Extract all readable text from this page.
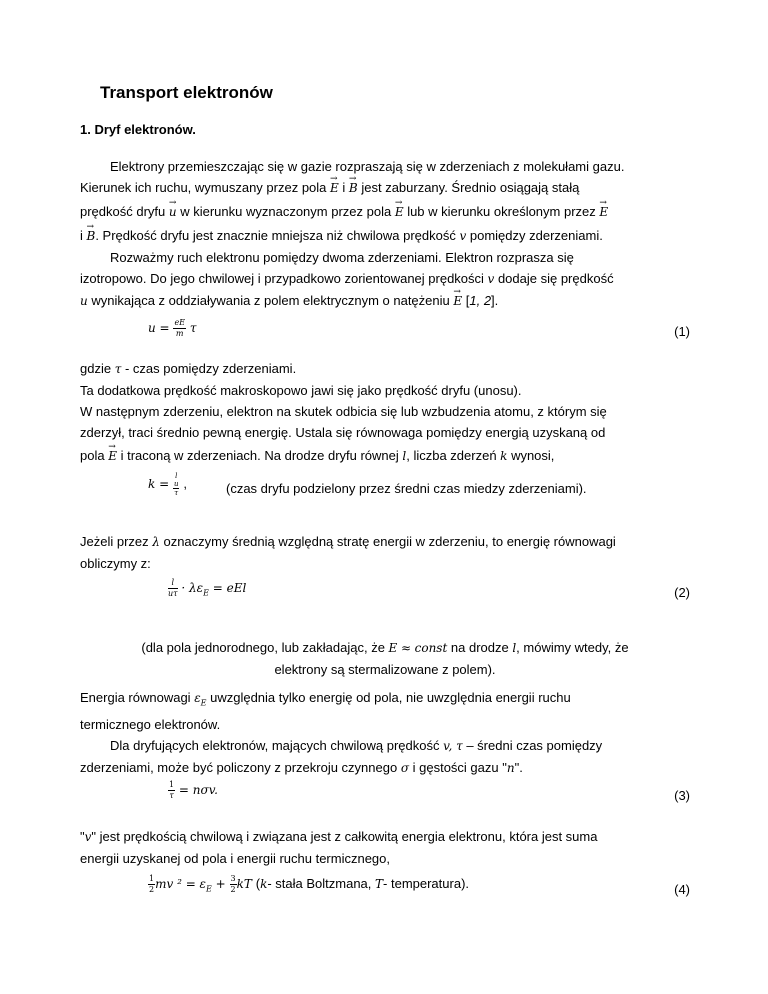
Transport elektronów
1. Dryf elektronów.
Elektrony przemieszczając się w gazie rozpraszają się w zderzeniach z molekułami gazu.
Kierunek ich ruchu, wymuszany przez pola → E i → B jest zaburzany. Średnio osiągają stałą
prędkość dryfu → u w kierunku wyznaczonym przez pola → E lub w kierunku określonym przez → E
i → B. Prędkość dryfu jest znacznie mniejsza niż chwilowa prędkość v pomiędzy zderzeniami.
Rozważmy ruch elektronu pomiędzy dwoma zderzeniami. Elektron rozprasza się
izotropowo. Do jego chwilowej i przypadkowo zorientowanej prędkości v dodaje się prędkość
u wynikająca z oddziaływania z polem elektrycznym o natężeniu → E [1, 2].
$u = \frac{eE}{m}$ τ	(1)
gdzie τ - czas pomiędzy zderzeniami.
Ta dodatkowa prędkość makroskopowo jawi się jako prędkość dryfu (unosu).
W następnym zderzeniu, elektron na skutek odbicia się lub wzbudzenia atomu, z którym się
zderzył, traci średnio pewną energię. Ustala się równowaga pomiędzy energią uzyskaną od
pola → E i traconą w zderzeniach. Na drodze dryfu równej l, liczba zderzeń k wynosi,
k =
l
u
τ
,	(czas dryfu podzielony przez średni czas miedzy zderzeniami).
Jeżeli przez λ oznaczymy średnią względną stratę energii w zderzeniu, to energię równowagi
obliczymy z:
$\frac{l}{u\tau} \cdot \lambda\varepsilon_E$ = eEl	(2)
(dla pola jednorodnego, lub zakładając, że E ≈ const na drodze l, mówimy wtedy, że
elektrony są stermalizowane z polem).
Energia równowagi $\varepsilon_E$ uwzględnia tylko energię od pola, nie uwzględnia energii ruchu
termicznego elektronów.
Dla dryfujących elektronów, mających chwilową prędkość v, τ – średni czas pomiędzy
zderzeniami, może być policzony z przekroju czynnego σ i gęstości gazu "n".
$\frac{1}{\tau} = n\sigma v$.	(3)
"v" jest prędkością chwilową i związana jest z całkowitą energia elektronu, która jest suma
energii uzyskanej od pola i energii ruchu termicznego,
$\frac{1}{2}$ mv $^2 = \varepsilon_E + \frac{3}{2}$ kT (k- stała Boltzmana, T- temperatura).	(4)
